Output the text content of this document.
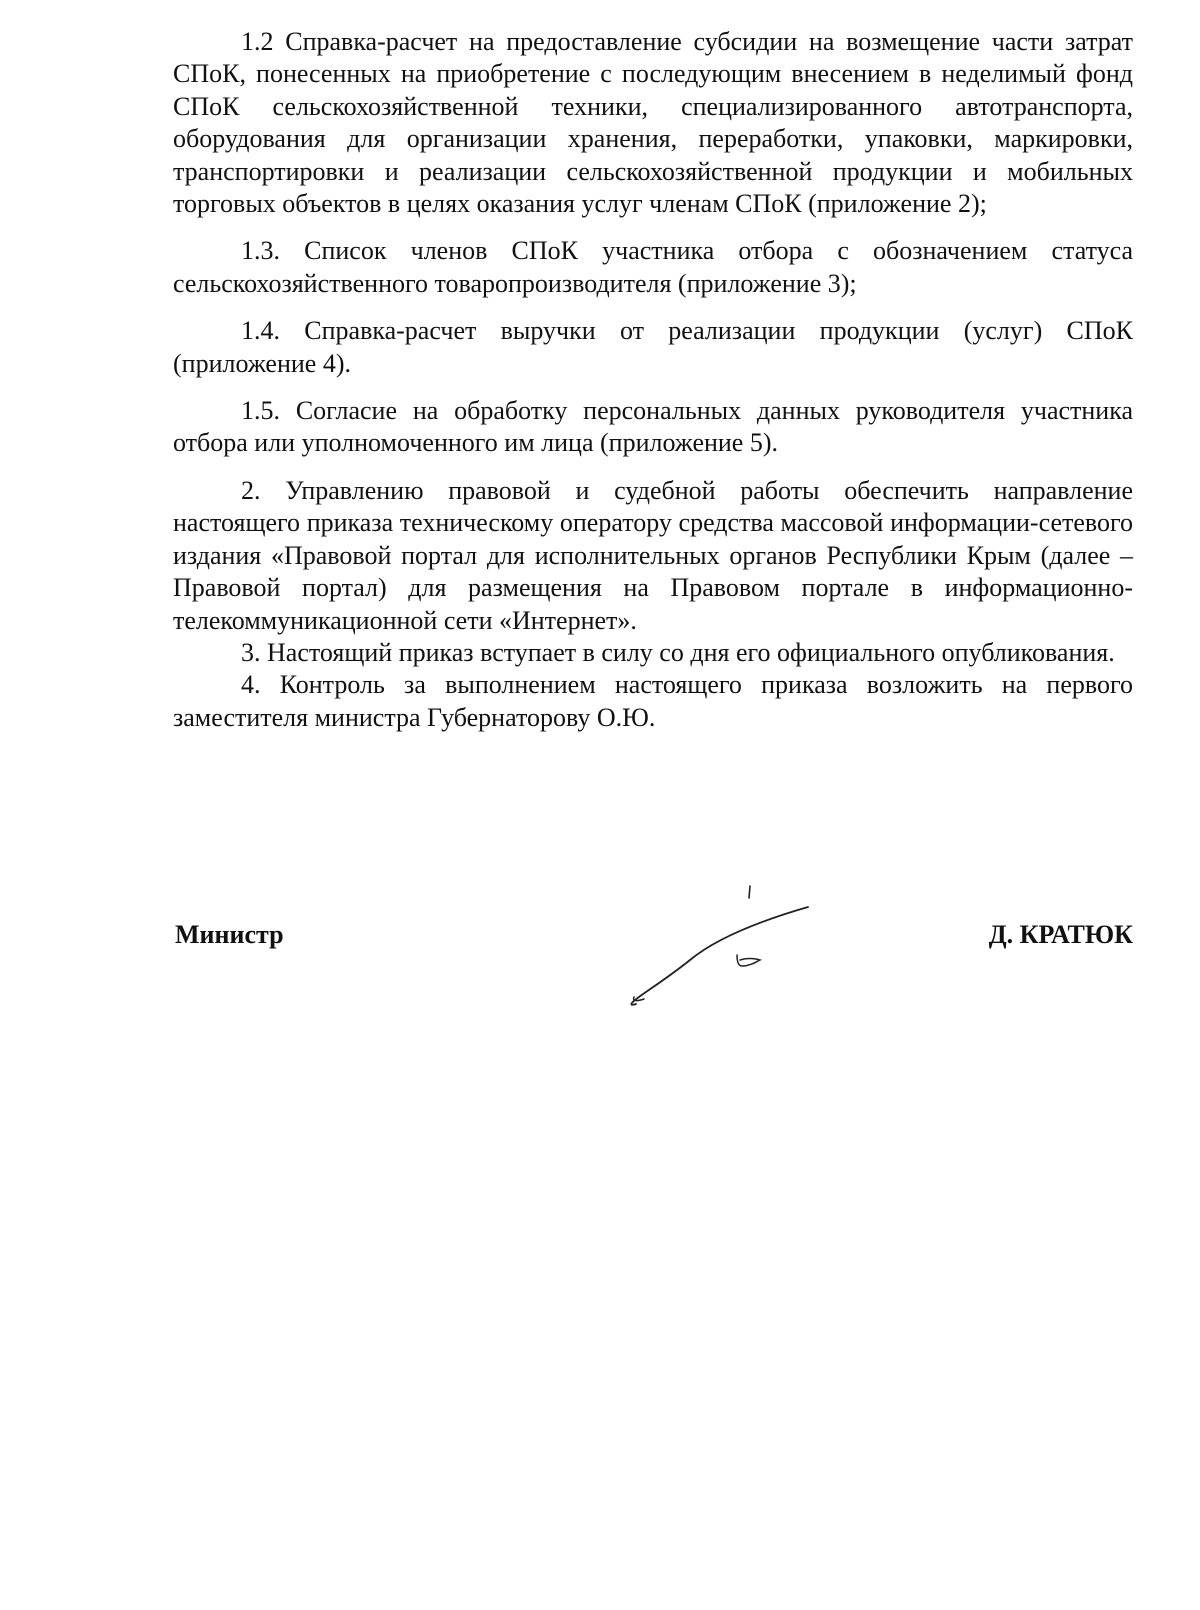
1.2 Справка-расчет на предоставление субсидии на возмещение части затрат СПоК, понесенных на приобретение с последующим внесением в неделимый фонд СПоК сельскохозяйственной техники, специализированного автотранспорта, оборудования для организации хранения, переработки, упаковки, маркировки, транспортировки и реализации сельскохозяйственной продукции и мобильных торговых объектов в целях оказания услуг членам СПоК (приложение 2);

1.3. Список членов СПоК участника отбора с обозначением статуса сельскохозяйственного товаропроизводителя (приложение 3);

1.4. Справка-расчет выручки от реализации продукции (услуг) СПоК (приложение 4).

1.5. Согласие на обработку персональных данных руководителя участника отбора или уполномоченного им лица (приложение 5).

2. Управлению правовой и судебной работы обеспечить направление настоящего приказа техническому оператору средства массовой информации-сетевого издания «Правовой портал для исполнительных органов Республики Крым (далее – Правовой портал) для размещения на Правовом портале в информационно-телекоммуникационной сети «Интернет».

3. Настоящий приказ вступает в силу со дня его официального опубликования.

4. Контроль за выполнением настоящего приказа возложить на первого заместителя министра Губернаторову О.Ю.

Министр	Д. КРАТЮК
